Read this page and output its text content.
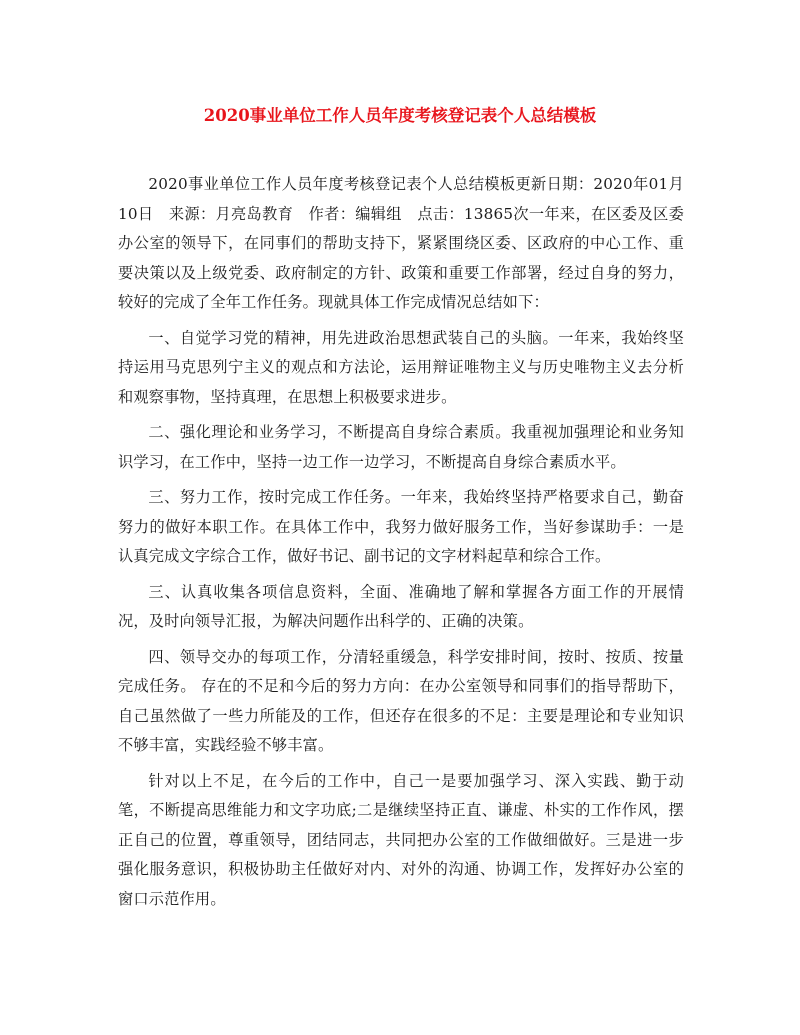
2020事业单位工作人员年度考核登记表个人总结模板

2020事业单位工作人员年度考核登记表个人总结模板更新日期：2020年01月10日　来源：月亮岛教育　作者：编辑组　点击：13865次一年来，在区委及区委办公室的领导下，在同事们的帮助支持下，紧紧围绕区委、区政府的中心工作、重要决策以及上级党委、政府制定的方针、政策和重要工作部署，经过自身的努力，较好的完成了全年工作任务。现就具体工作完成情况总结如下：

一、自觉学习党的精神，用先进政治思想武装自己的头脑。一年来，我始终坚持运用马克思列宁主义的观点和方法论，运用辩证唯物主义与历史唯物主义去分析和观察事物，坚持真理，在思想上积极要求进步。

二、强化理论和业务学习，不断提高自身综合素质。我重视加强理论和业务知识学习，在工作中，坚持一边工作一边学习，不断提高自身综合素质水平。

三、努力工作，按时完成工作任务。一年来，我始终坚持严格要求自己，勤奋努力的做好本职工作。在具体工作中，我努力做好服务工作，当好参谋助手：一是认真完成文字综合工作，做好书记、副书记的文字材料起草和综合工作。

三、认真收集各项信息资料，全面、准确地了解和掌握各方面工作的开展情况，及时向领导汇报，为解决问题作出科学的、正确的决策。

四、领导交办的每项工作，分清轻重缓急，科学安排时间，按时、按质、按量完成任务。 存在的不足和今后的努力方向：在办公室领导和同事们的指导帮助下，自己虽然做了一些力所能及的工作，但还存在很多的不足：主要是理论和专业知识不够丰富，实践经验不够丰富。

针对以上不足，在今后的工作中，自己一是要加强学习、深入实践、勤于动笔，不断提高思维能力和文字功底;二是继续坚持正直、谦虚、朴实的工作作风，摆正自己的位置，尊重领导，团结同志，共同把办公室的工作做细做好。三是进一步强化服务意识，积极协助主任做好对内、对外的沟通、协调工作，发挥好办公室的窗口示范作用。
